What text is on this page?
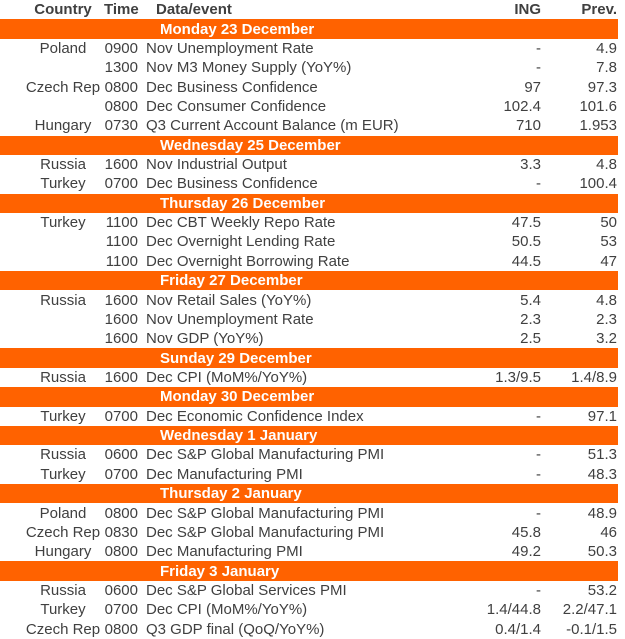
Country Time	Data/event	ING	Prev.
Monday 23 December
Poland	0900 Nov Unemployment Rate	-	4.9
1300 Nov M3 Money Supply (YoY%)	-	7.8
Czech Rep 0800 Dec Business Confidence	97	97.3
0800 Dec Consumer Confidence	102.4	101.6
Hungary 0730 Q3 Current Account Balance (m EUR)	710	1.953
Wednesday 25 December
Russia	1600 Nov Industrial Output	3.3	4.8
Turkey	0700 Dec Business Confidence	-	100.4
Thursday 26 December
Turkey	1100 Dec CBT Weekly Repo Rate	47.5	50
1100 Dec Overnight Lending Rate	50.5	53
1100 Dec Overnight Borrowing Rate	44.5	47
Friday 27 December
Russia	1600 Nov Retail Sales (YoY%)	5.4	4.8
1600 Nov Unemployment Rate	2.3	2.3
1600 Nov GDP (YoY%)	2.5	3.2
Sunday 29 December
Russia	1600 Dec CPI (MoM%/YoY%)	1.3/9.5	1.4/8.9
Monday 30 December
Turkey	0700 Dec Economic Confidence Index	-	97.1
Wednesday 1 January
Russia	0600 Dec S&P Global Manufacturing PMI	-	51.3
Turkey	0700 Dec Manufacturing PMI	-	48.3
Thursday 2 January
Poland	0800 Dec S&P Global Manufacturing PMI	-	48.9
Czech Rep 0830 Dec S&P Global Manufacturing PMI	45.8	46
Hungary 0800 Dec Manufacturing PMI	49.2	50.3
Friday 3 January
Russia	0600 Dec S&P Global Services PMI	-	53.2
Turkey	0700 Dec CPI (MoM%/YoY%)	1.4/44.8	2.2/47.1
Czech Rep 0800 Q3 GDP final (QoQ/YoY%)	0.4/1.4	-0.1/1.5
